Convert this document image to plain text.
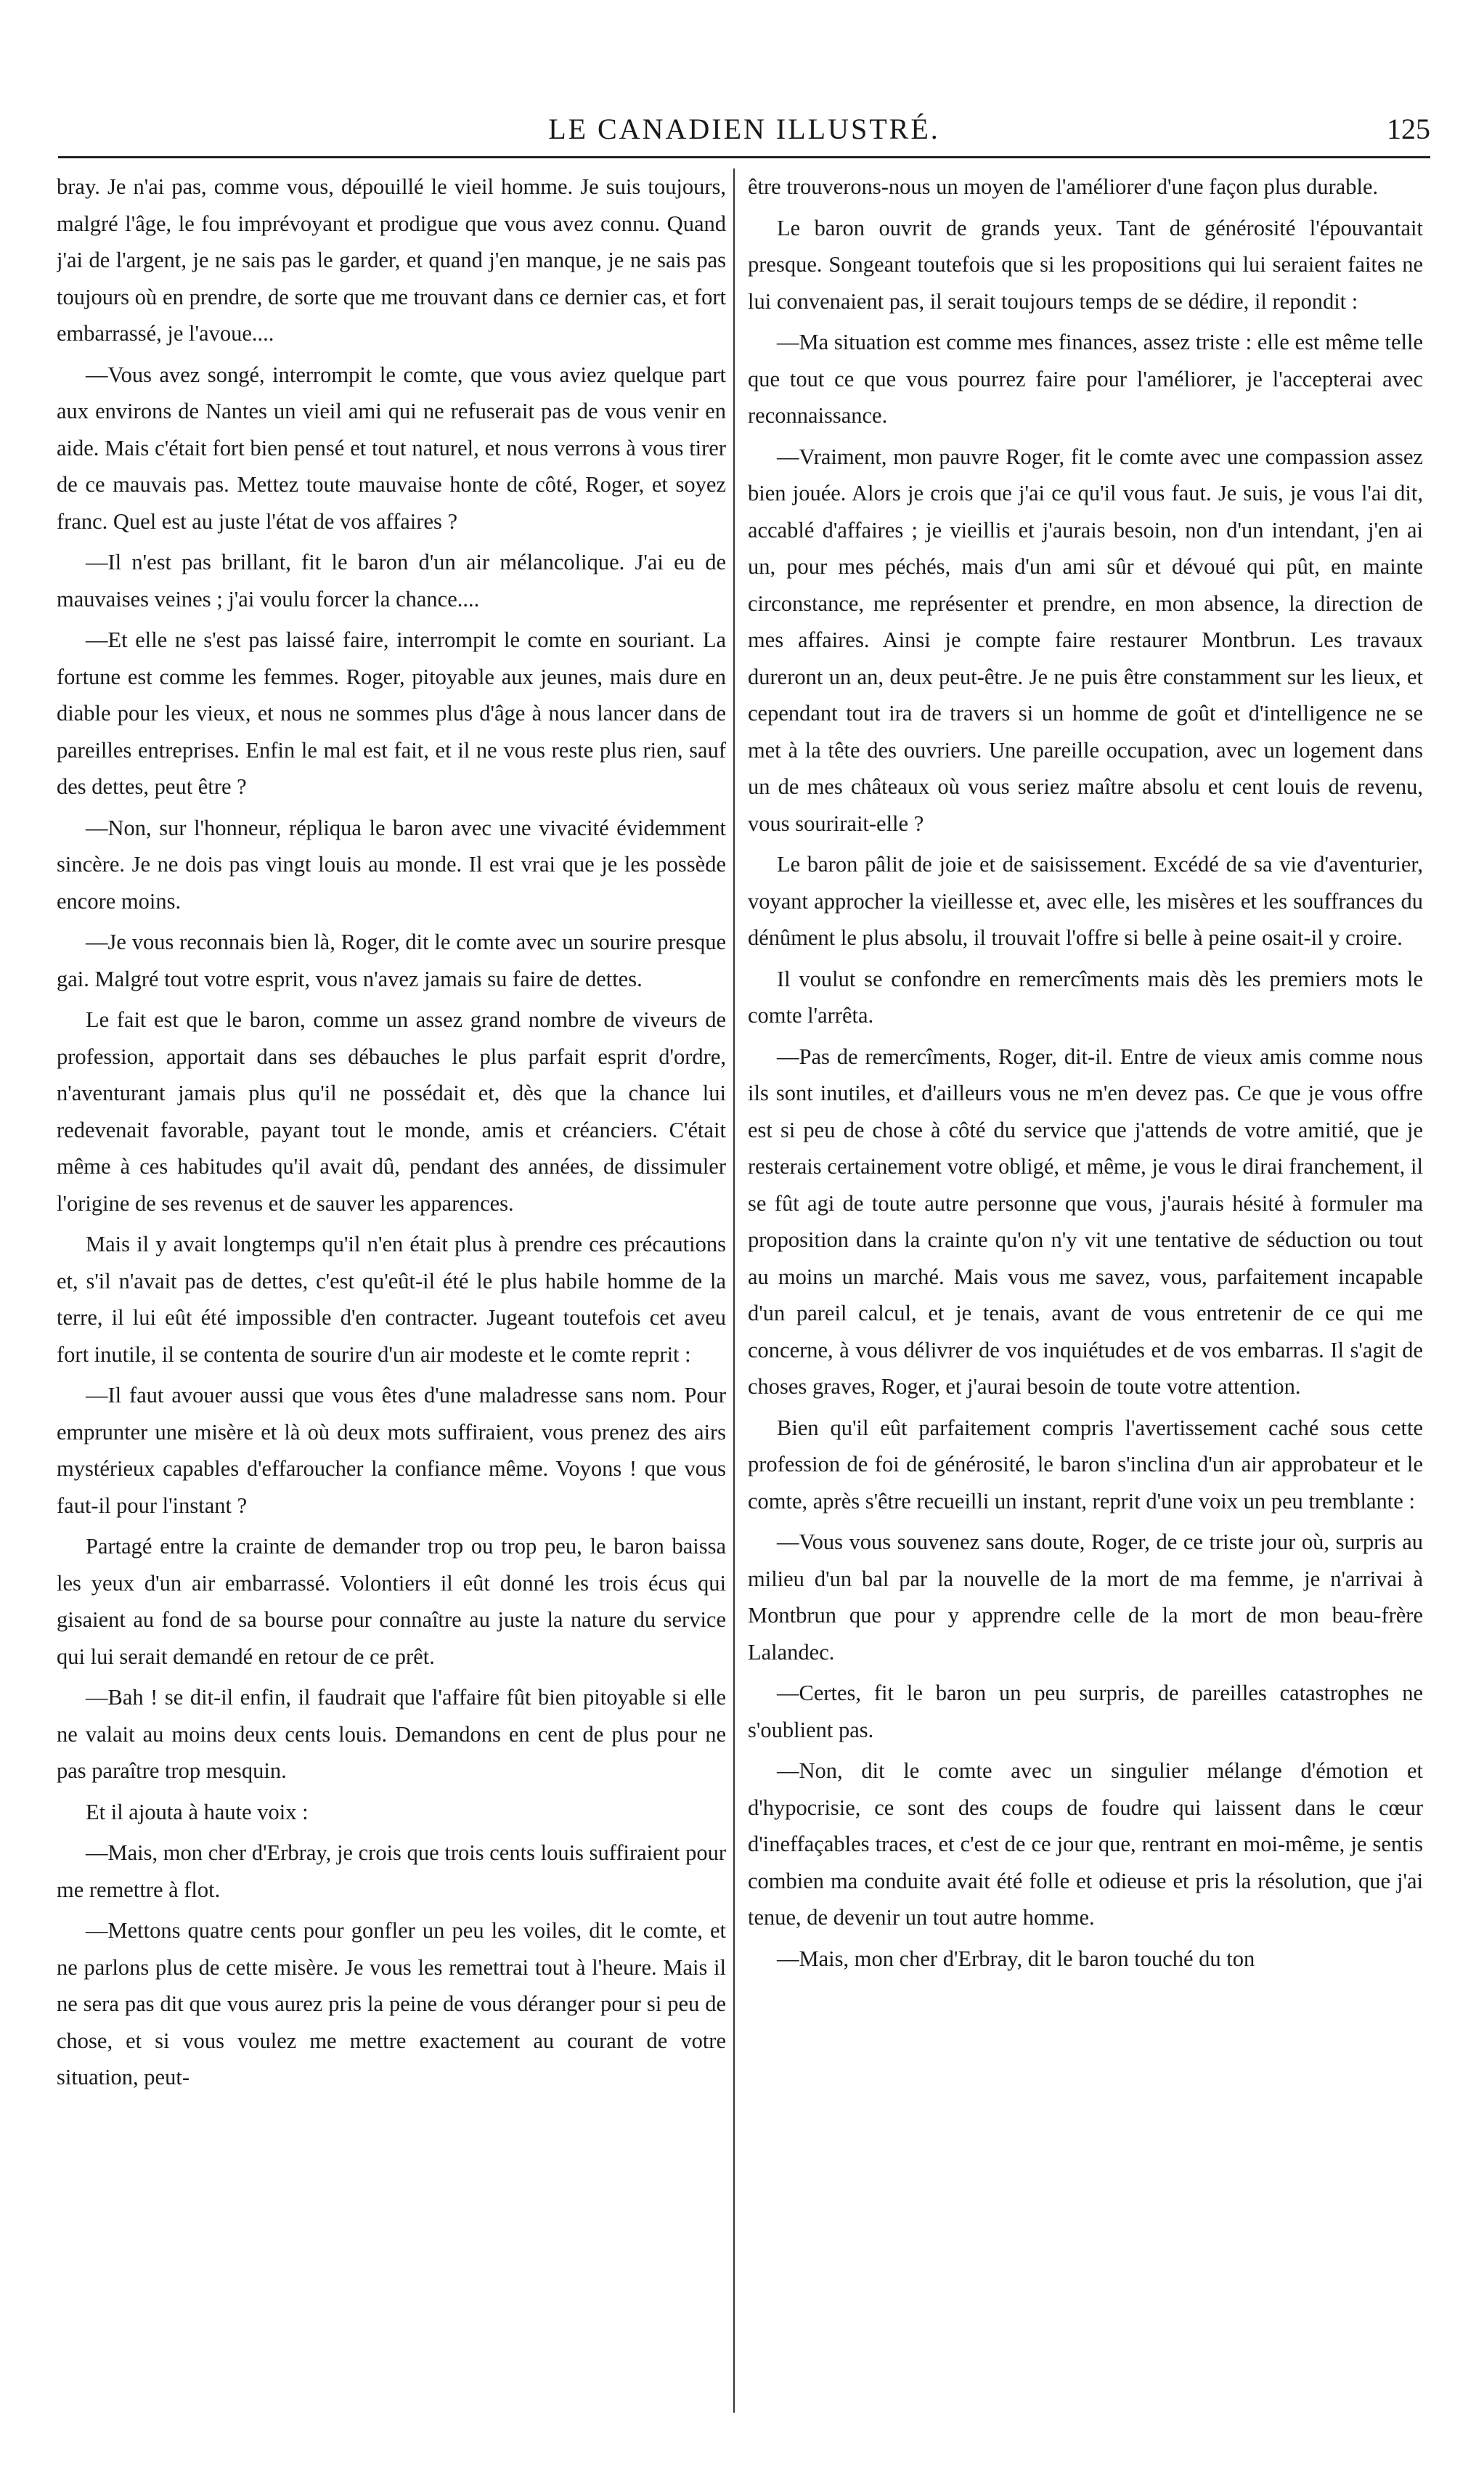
LE CANADIEN ILLUSTRÉ.	125

bray. Je n'ai pas, comme vous, dépouillé le vieil homme. Je suis toujours, malgré l'âge, le fou imprévoyant et prodigue que vous avez connu. Quand j'ai de l'argent, je ne sais pas le garder, et quand j'en manque, je ne sais pas toujours où en prendre, de sorte que me trouvant dans ce dernier cas, et fort embarrassé, je l'avoue....

—Vous avez songé, interrompit le comte, que vous aviez quelque part aux environs de Nantes un vieil ami qui ne refuserait pas de vous venir en aide. Mais c'était fort bien pensé et tout naturel, et nous verrons à vous tirer de ce mauvais pas. Mettez toute mauvaise honte de côté, Roger, et soyez franc. Quel est au juste l'état de vos affaires ?

—Il n'est pas brillant, fit le baron d'un air mélancolique. J'ai eu de mauvaises veines ; j'ai voulu forcer la chance....

—Et elle ne s'est pas laissé faire, interrompit le comte en souriant. La fortune est comme les femmes. Roger, pitoyable aux jeunes, mais dure en diable pour les vieux, et nous ne sommes plus d'âge à nous lancer dans de pareilles entreprises. Enfin le mal est fait, et il ne vous reste plus rien, sauf des dettes, peut être ?

—Non, sur l'honneur, répliqua le baron avec une vivacité évidemment sincère. Je ne dois pas vingt louis au monde. Il est vrai que je les possède encore moins.

—Je vous reconnais bien là, Roger, dit le comte avec un sourire presque gai. Malgré tout votre esprit, vous n'avez jamais su faire de dettes.

Le fait est que le baron, comme un assez grand nombre de viveurs de profession, apportait dans ses débauches le plus parfait esprit d'ordre, n'aventurant jamais plus qu'il ne possédait et, dès que la chance lui redevenait favorable, payant tout le monde, amis et créanciers. C'était même à ces habitudes qu'il avait dû, pendant des années, de dissimuler l'origine de ses revenus et de sauver les apparences.

Mais il y avait longtemps qu'il n'en était plus à prendre ces précautions et, s'il n'avait pas de dettes, c'est qu'eût-il été le plus habile homme de la terre, il lui eût été impossible d'en contracter. Jugeant toutefois cet aveu fort inutile, il se contenta de sourire d'un air modeste et le comte reprit :

—Il faut avouer aussi que vous êtes d'une maladresse sans nom. Pour emprunter une misère et là où deux mots suffiraient, vous prenez des airs mystérieux capables d'effaroucher la confiance même. Voyons ! que vous faut-il pour l'instant ?

Partagé entre la crainte de demander trop ou trop peu, le baron baissa les yeux d'un air embarrassé. Volontiers il eût donné les trois écus qui gisaient au fond de sa bourse pour connaître au juste la nature du service qui lui serait demandé en retour de ce prêt.

—Bah ! se dit-il enfin, il faudrait que l'affaire fût bien pitoyable si elle ne valait au moins deux cents louis. Demandons en cent de plus pour ne pas paraître trop mesquin.

Et il ajouta à haute voix :

—Mais, mon cher d'Erbray, je crois que trois cents louis suffiraient pour me remettre à flot.

—Mettons quatre cents pour gonfler un peu les voiles, dit le comte, et ne parlons plus de cette misère. Je vous les remettrai tout à l'heure. Mais il ne sera pas dit que vous aurez pris la peine de vous déranger pour si peu de chose, et si vous voulez me mettre exactement au courant de votre situation, peut-

être trouverons-nous un moyen de l'améliorer d'une façon plus durable.

Le baron ouvrit de grands yeux. Tant de générosité l'épouvantait presque. Songeant toutefois que si les propositions qui lui seraient faites ne lui convenaient pas, il serait toujours temps de se dédire, il repondit :

—Ma situation est comme mes finances, assez triste : elle est même telle que tout ce que vous pourrez faire pour l'améliorer, je l'accepterai avec reconnaissance.

—Vraiment, mon pauvre Roger, fit le comte avec une compassion assez bien jouée. Alors je crois que j'ai ce qu'il vous faut. Je suis, je vous l'ai dit, accablé d'affaires ; je vieillis et j'aurais besoin, non d'un intendant, j'en ai un, pour mes péchés, mais d'un ami sûr et dévoué qui pût, en mainte circonstance, me représenter et prendre, en mon absence, la direction de mes affaires. Ainsi je compte faire restaurer Montbrun. Les travaux dureront un an, deux peut-être. Je ne puis être constamment sur les lieux, et cependant tout ira de travers si un homme de goût et d'intelligence ne se met à la tête des ouvriers. Une pareille occupation, avec un logement dans un de mes châteaux où vous seriez maître absolu et cent louis de revenu, vous sourirait-elle ?

Le baron pâlit de joie et de saisissement. Excédé de sa vie d'aventurier, voyant approcher la vieillesse et, avec elle, les misères et les souffrances du dénûment le plus absolu, il trouvait l'offre si belle à peine osait-il y croire.

Il voulut se confondre en remercîments mais dès les premiers mots le comte l'arrêta.

—Pas de remercîments, Roger, dit-il. Entre de vieux amis comme nous ils sont inutiles, et d'ailleurs vous ne m'en devez pas. Ce que je vous offre est si peu de chose à côté du service que j'attends de votre amitié, que je resterais certainement votre obligé, et même, je vous le dirai franchement, il se fût agi de toute autre personne que vous, j'aurais hésité à formuler ma proposition dans la crainte qu'on n'y vit une tentative de séduction ou tout au moins un marché. Mais vous me savez, vous, parfaitement incapable d'un pareil calcul, et je tenais, avant de vous entretenir de ce qui me concerne, à vous délivrer de vos inquiétudes et de vos embarras. Il s'agit de choses graves, Roger, et j'aurai besoin de toute votre attention.

Bien qu'il eût parfaitement compris l'avertissement caché sous cette profession de foi de générosité, le baron s'inclina d'un air approbateur et le comte, après s'être recueilli un instant, reprit d'une voix un peu tremblante :

—Vous vous souvenez sans doute, Roger, de ce triste jour où, surpris au milieu d'un bal par la nouvelle de la mort de ma femme, je n'arrivai à Montbrun que pour y apprendre celle de la mort de mon beau-frère Lalandec.

—Certes, fit le baron un peu surpris, de pareilles catastrophes ne s'oublient pas.

—Non, dit le comte avec un singulier mélange d'émotion et d'hypocrisie, ce sont des coups de foudre qui laissent dans le cœur d'ineffaçables traces, et c'est de ce jour que, rentrant en moi-même, je sentis combien ma conduite avait été folle et odieuse et pris la résolution, que j'ai tenue, de devenir un tout autre homme.

—Mais, mon cher d'Erbray, dit le baron touché du ton
